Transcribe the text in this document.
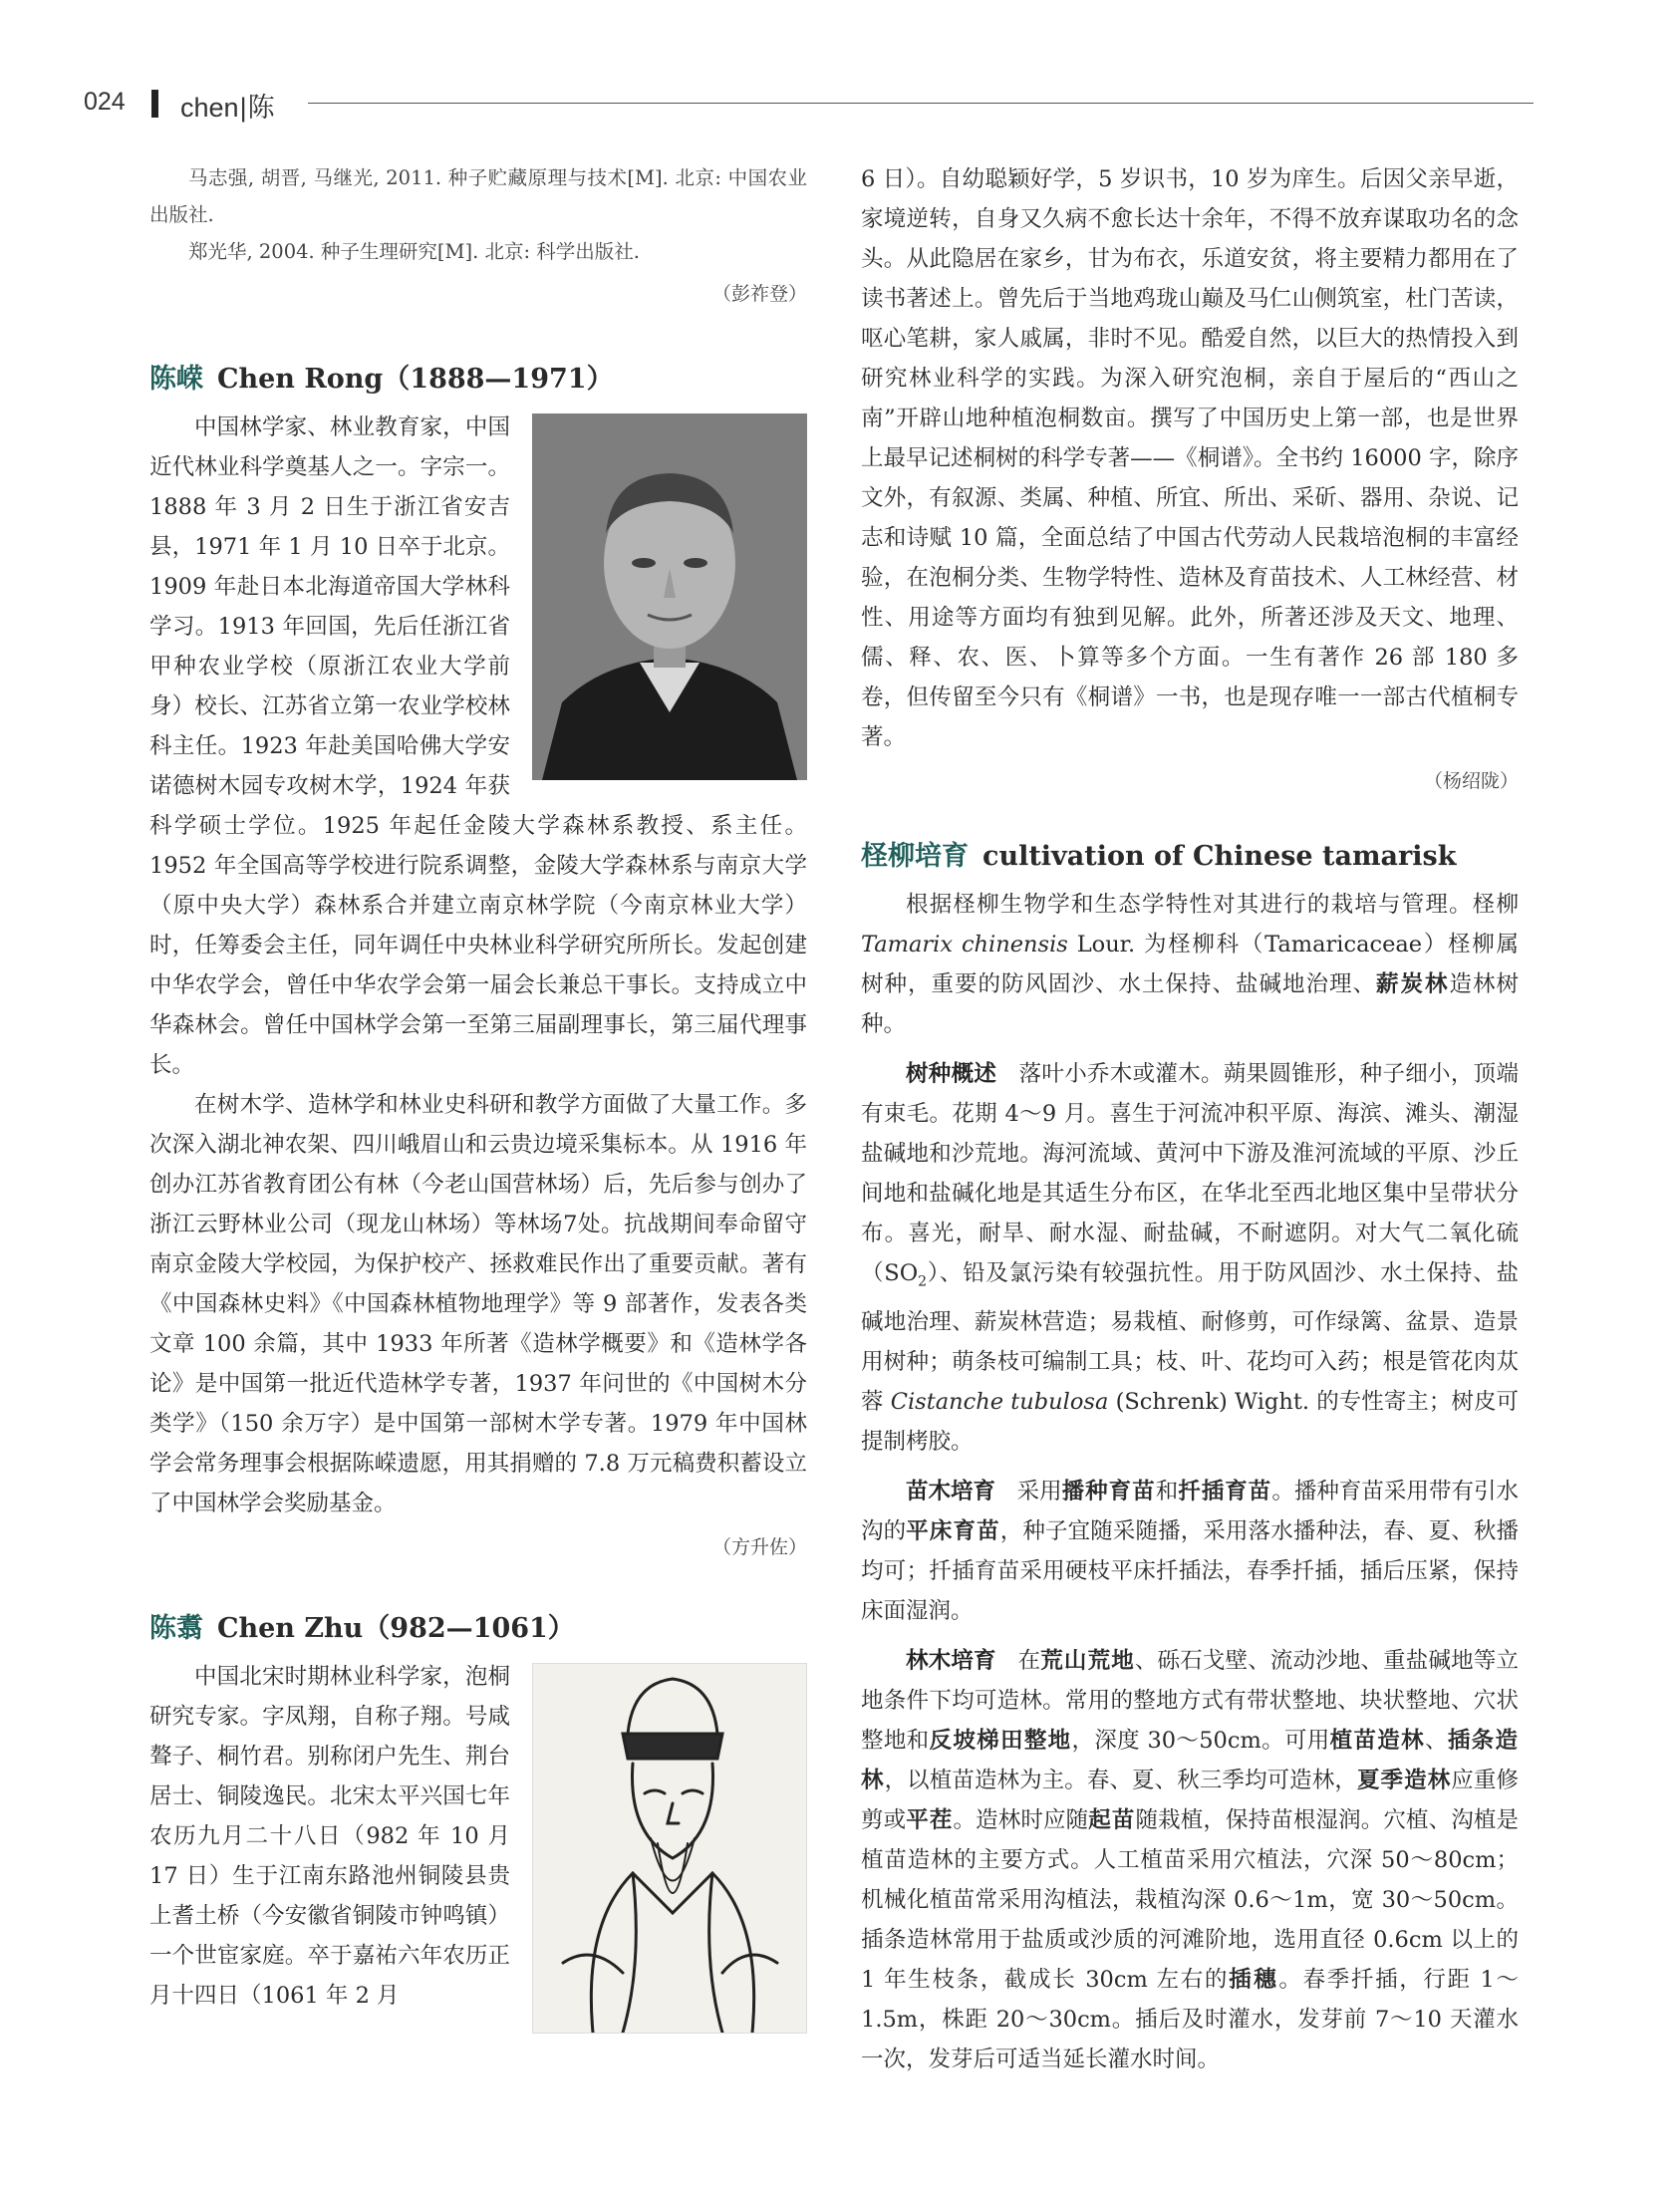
024 chen|陈

马志强, 胡晋, 马继光, 2011. 种子贮藏原理与技术[M]. 北京: 中国农业出版社.

郑光华, 2004. 种子生理研究[M]. 北京: 科学出版社.

（彭祚登）

陈嵘 Chen Rong（1888—1971）

中国林学家、林业教育家，中国近代林业科学奠基人之一。字宗一。1888 年 3 月 2 日生于浙江省安吉县，1971 年 1 月 10 日卒于北京。1909 年赴日本北海道帝国大学林科学习。1913 年回国，先后任浙江省甲种农业学校（原浙江农业大学前身）校长、江苏省立第一农业学校林科主任。1923 年赴美国哈佛大学安诺德树木园专攻树木学，1924 年获科学硕士学位。1925 年起任金陵大学森林系教授、系主任。1952 年全国高等学校进行院系调整，金陵大学森林系与南京大学（原中央大学）森林系合并建立南京林学院（今南京林业大学）时，任筹委会主任，同年调任中央林业科学研究所所长。发起创建中华农学会，曾任中华农学会第一届会长兼总干事长。支持成立中华森林会。曾任中国林学会第一至第三届副理事长，第三届代理事长。

在树木学、造林学和林业史科研和教学方面做了大量工作。多次深入湖北神农架、四川峨眉山和云贵边境采集标本。从 1916 年创办江苏省教育团公有林（今老山国营林场）后，先后参与创办了浙江云野林业公司（现龙山林场）等林场7处。抗战期间奉命留守南京金陵大学校园，为保护校产、拯救难民作出了重要贡献。著有《中国森林史料》《中国森林植物地理学》等 9 部著作，发表各类文章 100 余篇，其中 1933 年所著《造林学概要》和《造林学各论》是中国第一批近代造林学专著，1937 年问世的《中国树木分类学》（150 余万字）是中国第一部树木学专著。1979 年中国林学会常务理事会根据陈嵘遗愿，用其捐赠的 7.8 万元稿费积蓄设立了中国林学会奖励基金。

（方升佐）

陈翥 Chen Zhu（982—1061）

中国北宋时期林业科学家，泡桐研究专家。字凤翔，自称子翔。号咸聱子、桐竹君。别称闭户先生、荆台居士、铜陵逸民。北宋太平兴国七年农历九月二十八日（982 年 10 月 17 日）生于江南东路池州铜陵县贵上耆土桥（今安徽省铜陵市钟鸣镇）一个世宦家庭。卒于嘉祐六年农历正月十四日（1061 年 2 月

6 日）。自幼聪颖好学，5 岁识书，10 岁为庠生。后因父亲早逝，家境逆转，自身又久病不愈长达十余年，不得不放弃谋取功名的念头。从此隐居在家乡，甘为布衣，乐道安贫，将主要精力都用在了读书著述上。曾先后于当地鸡珑山巅及马仁山侧筑室，杜门苦读，呕心笔耕，家人戚属，非时不见。酷爱自然，以巨大的热情投入到研究林业科学的实践。为深入研究泡桐，亲自于屋后的“西山之南”开辟山地种植泡桐数亩。撰写了中国历史上第一部，也是世界上最早记述桐树的科学专著——《桐谱》。全书约 16000 字，除序文外，有叙源、类属、种植、所宜、所出、采斫、器用、杂说、记志和诗赋 10 篇，全面总结了中国古代劳动人民栽培泡桐的丰富经验，在泡桐分类、生物学特性、造林及育苗技术、人工林经营、材性、用途等方面均有独到见解。此外，所著还涉及天文、地理、儒、释、农、医、卜算等多个方面。一生有著作 26 部 180 多卷，但传留至今只有《桐谱》一书，也是现存唯一一部古代植桐专著。

（杨绍陇）

柽柳培育 cultivation of Chinese tamarisk

根据柽柳生物学和生态学特性对其进行的栽培与管理。柽柳 Tamarix chinensis Lour. 为柽柳科（Tamaricaceae）柽柳属树种，重要的防风固沙、水土保持、盐碱地治理、薪炭林造林树种。

树种概述 落叶小乔木或灌木。蒴果圆锥形，种子细小，顶端有束毛。花期 4～9 月。喜生于河流冲积平原、海滨、滩头、潮湿盐碱地和沙荒地。海河流域、黄河中下游及淮河流域的平原、沙丘间地和盐碱化地是其适生分布区，在华北至西北地区集中呈带状分布。喜光，耐旱、耐水湿、耐盐碱，不耐遮阴。对大气二氧化硫$(SO_2)$、铅及氯污染有较强抗性。用于防风固沙、水土保持、盐碱地治理、薪炭林营造；易栽植、耐修剪，可作绿篱、盆景、造景用树种；萌条枝可编制工具；枝、叶、花均可入药；根是管花肉苁蓉 Cistanche tubulosa (Schrenk) Wight. 的专性寄主；树皮可提制栲胶。

苗木培育 采用播种育苗和扦插育苗。播种育苗采用带有引水沟的平床育苗，种子宜随采随播，采用落水播种法，春、夏、秋播均可；扦插育苗采用硬枝平床扦插法，春季扦插，插后压紧，保持床面湿润。

林木培育 在荒山荒地、砾石戈壁、流动沙地、重盐碱地等立地条件下均可造林。常用的整地方式有带状整地、块状整地、穴状整地和反坡梯田整地，深度 30～50cm。可用植苗造林、插条造林，以植苗造林为主。春、夏、秋三季均可造林，夏季造林应重修剪或平茬。造林时应随起苗随栽植，保持苗根湿润。穴植、沟植是植苗造林的主要方式。人工植苗采用穴植法，穴深 50～80cm；机械化植苗常采用沟植法，栽植沟深 0.6～1m，宽 30～50cm。插条造林常用于盐质或沙质的河滩阶地，选用直径 0.6cm 以上的 1 年生枝条，截成长 30cm 左右的插穗。春季扦插，行距 1～1.5m，株距 20～30cm。插后及时灌水，发芽前 7～10 天灌水一次，发芽后可适当延长灌水时间。
